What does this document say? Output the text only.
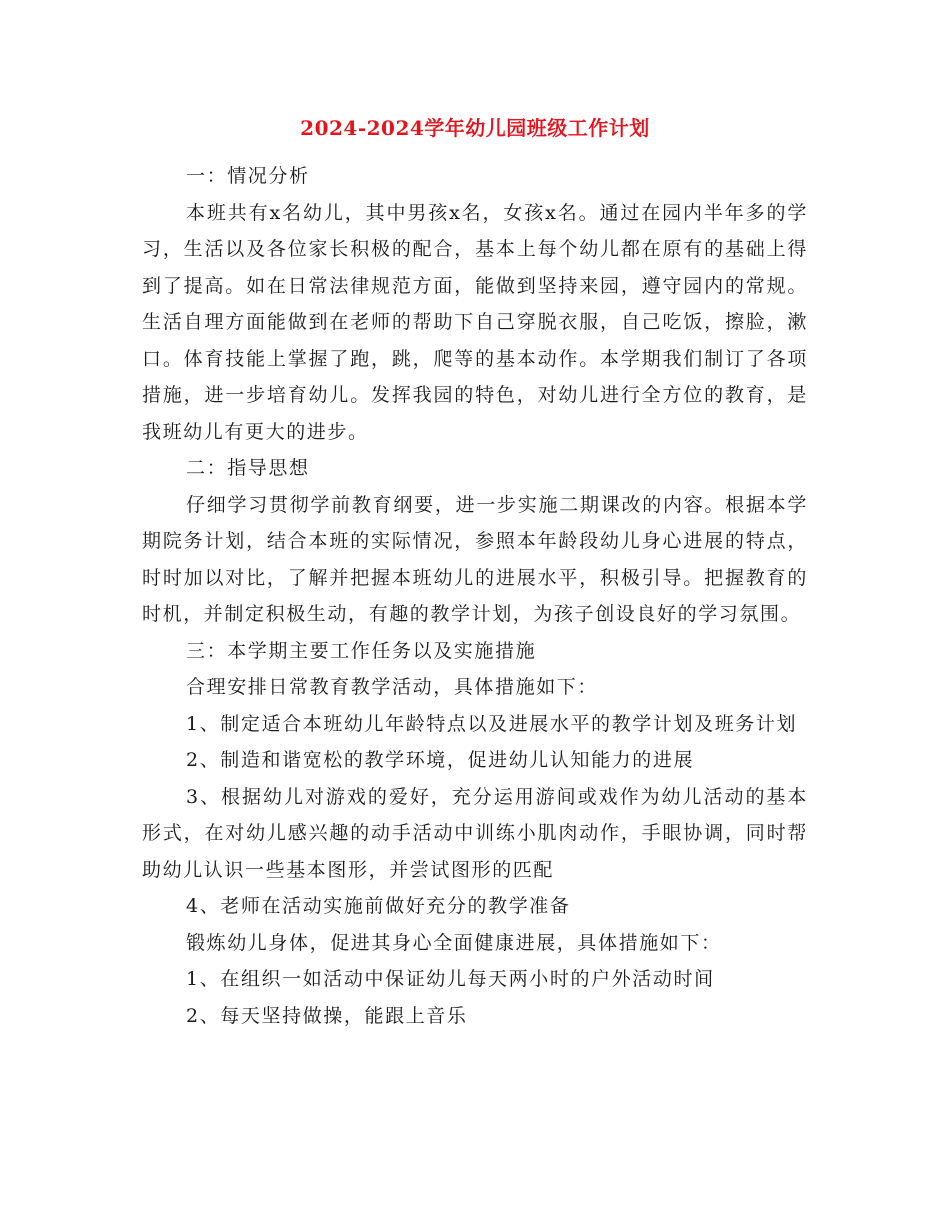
2024-2024学年幼儿园班级工作计划

一：情况分析

本班共有x名幼儿，其中男孩x名，女孩x名。通过在园内半年多的学习，生活以及各位家长积极的配合，基本上每个幼儿都在原有的基础上得到了提高。如在日常法律规范方面，能做到坚持来园，遵守园内的常规。生活自理方面能做到在老师的帮助下自己穿脱衣服，自己吃饭，擦脸，漱口。体育技能上掌握了跑，跳，爬等的基本动作。本学期我们制订了各项措施，进一步培育幼儿。发挥我园的特色，对幼儿进行全方位的教育，是我班幼儿有更大的进步。

二：指导思想

仔细学习贯彻学前教育纲要，进一步实施二期课改的内容。根据本学期院务计划，结合本班的实际情况，参照本年龄段幼儿身心进展的特点，时时加以对比，了解并把握本班幼儿的进展水平，积极引导。把握教育的时机，并制定积极生动，有趣的教学计划，为孩子创设良好的学习氛围。

三：本学期主要工作任务以及实施措施

合理安排日常教育教学活动，具体措施如下：

1、制定适合本班幼儿年龄特点以及进展水平的教学计划及班务计划

2、制造和谐宽松的教学环境，促进幼儿认知能力的进展

3、根据幼儿对游戏的爱好，充分运用游间或戏作为幼儿活动的基本形式，在对幼儿感兴趣的动手活动中训练小肌肉动作，手眼协调，同时帮助幼儿认识一些基本图形，并尝试图形的匹配

4、老师在活动实施前做好充分的教学准备

锻炼幼儿身体，促进其身心全面健康进展，具体措施如下：

1、在组织一如活动中保证幼儿每天两小时的户外活动时间

2、每天坚持做操，能跟上音乐
